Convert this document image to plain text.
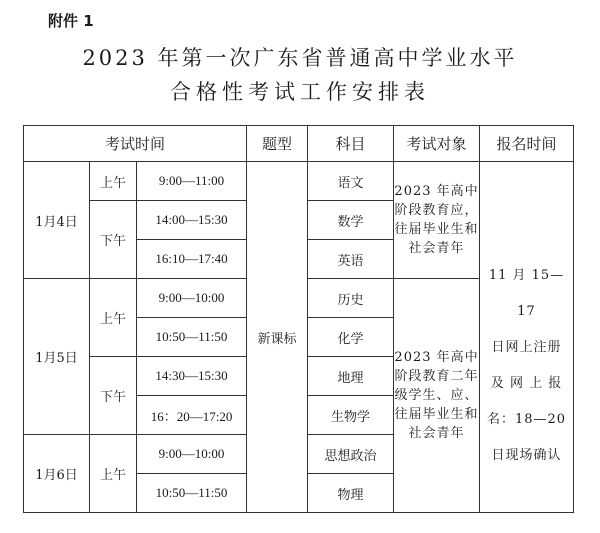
附件 1
2023 年第一次广东省普通高中学业水平
合格性考试工作安排表
考试时间			题型	科目	考试对象	报名时间
1月4日	上午	9:00—11:00	新课标	语文	2023 年高中阶段教育应，往届毕业生和社会青年	11 月 15—17
日网上注册
及 网 上 报
名：18—20
日现场确认

	下午	14:00—15:30		数学		
		16:10—17:40		英语		
1月5日	上午	9:00—10:00		历史	2023 年高中阶段教育二年级学生、应、往届毕业生和社会青年	
		10:50—11:50		化学		
	下午	14:30—15:30		地理		
		16：20—17:20		生物学		
1月6日	上午	9:00—10:00		思想政治		
		10:50—11:50		物理		
